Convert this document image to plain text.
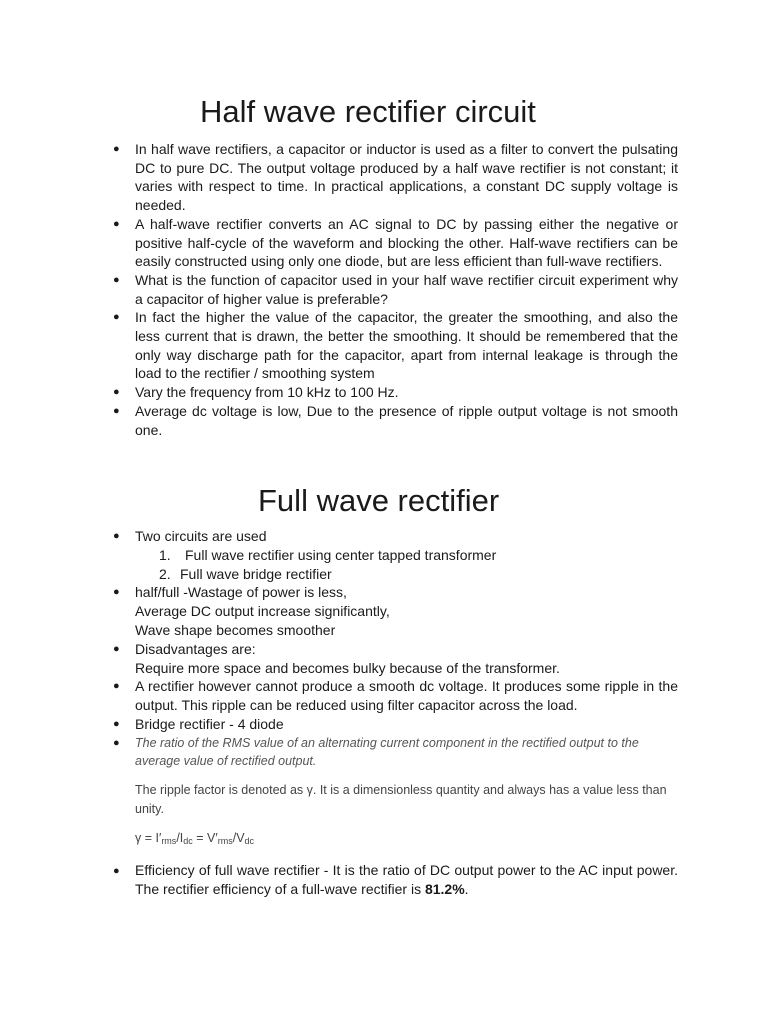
Half wave rectifier circuit
● In half wave rectifiers, a capacitor or inductor is used as a filter to convert the pulsating DC to pure DC. The output voltage produced by a half wave rectifier is not constant; it varies with respect to time. In practical applications, a constant DC supply voltage is needed.
● A half-wave rectifier converts an AC signal to DC by passing either the negative or positive half-cycle of the waveform and blocking the other. Half-wave rectifiers can be easily constructed using only one diode, but are less efficient than full-wave rectifiers.
● What is the function of capacitor used in your half wave rectifier circuit experiment why a capacitor of higher value is preferable?
● In fact the higher the value of the capacitor, the greater the smoothing, and also the less current that is drawn, the better the smoothing. It should be remembered that the only way discharge path for the capacitor, apart from internal leakage is through the load to the rectifier / smoothing system
● Vary the frequency from 10 kHz to 100 Hz.
● Average dc voltage is low, Due to the presence of ripple output voltage is not smooth one.
Full wave rectifier
● Two circuits are used
1. Full wave rectifier using center tapped transformer
2. Full wave bridge rectifier
● half/full -Wastage of power is less,
Average DC output increase significantly,
Wave shape becomes smoother
● Disadvantages are:
Require more space and becomes bulky because of the transformer.
● A rectifier however cannot produce a smooth dc voltage. It produces some ripple in the output. This ripple can be reduced using filter capacitor across the load.
● Bridge rectifier - 4 diode
● The ratio of the RMS value of an alternating current component in the rectified output to the average value of rectified output.
The ripple factor is denoted as γ. It is a dimensionless quantity and always has a value less than unity.
$\gamma = I'_{rms}/I_{dc} = V'_{rms}/V_{dc}$
● Efficiency of full wave rectifier - It is the ratio of DC output power to the AC input power. The rectifier efficiency of a full-wave rectifier is 81.2%.
